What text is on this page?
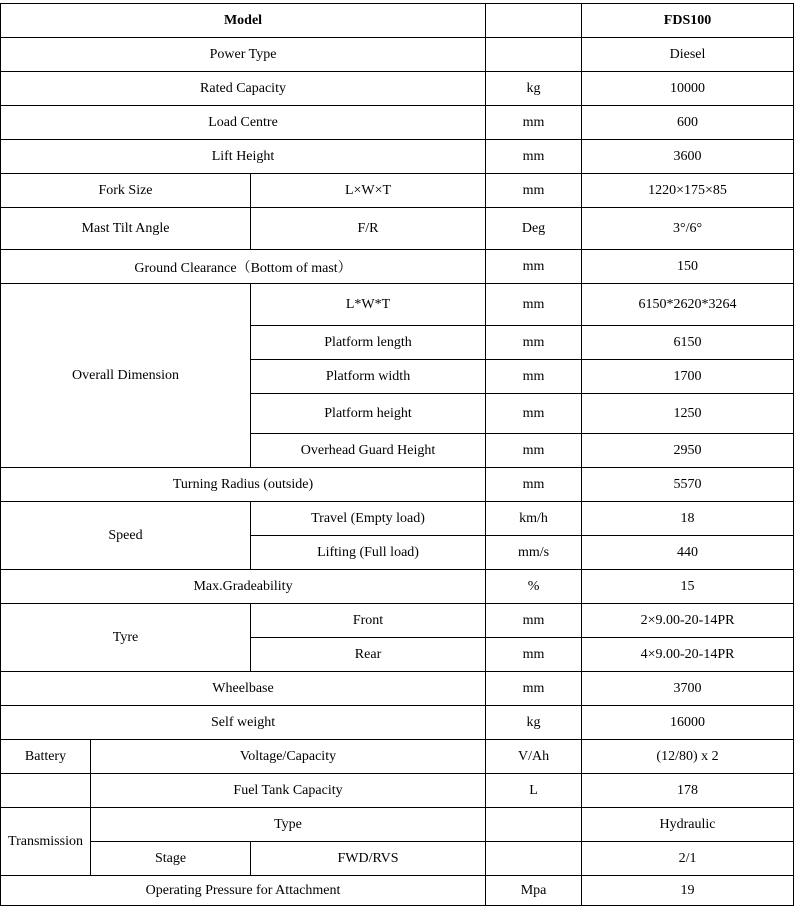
Model				FDS100
Power Type				Diesel
Rated Capacity			kg	10000
Load Centre			mm	600
Lift Height			mm	3600
Fork Size		L×W×T	mm	1220×175×85
Mast Tilt Angle		F/R	Deg	3°/6°
Ground Clearance（Bottom of mast）			mm	150
Overall Dimension		L*W*T	mm	6150*2620*3264
		Platform length	mm	6150
		Platform width	mm	1700
		Platform height	mm	1250
		Overhead Guard Height	mm	2950
Turning Radius (outside)			mm	5570
Speed		Travel (Empty load)	km/h	18
		Lifting (Full load)	mm/s	440
Max.Gradeability			%	15
Tyre		Front	mm	2×9.00-20-14PR
		Rear	mm	4×9.00-20-14PR
Wheelbase			mm	3700
Self weight			kg	16000
Battery	Voltage/Capacity		V/Ah	(12/80) x 2
	Fuel Tank Capacity		L	178
Transmission	Type			Hydraulic
	Stage	FWD/RVS		2/1
Operating Pressure for Attachment			Mpa	19
